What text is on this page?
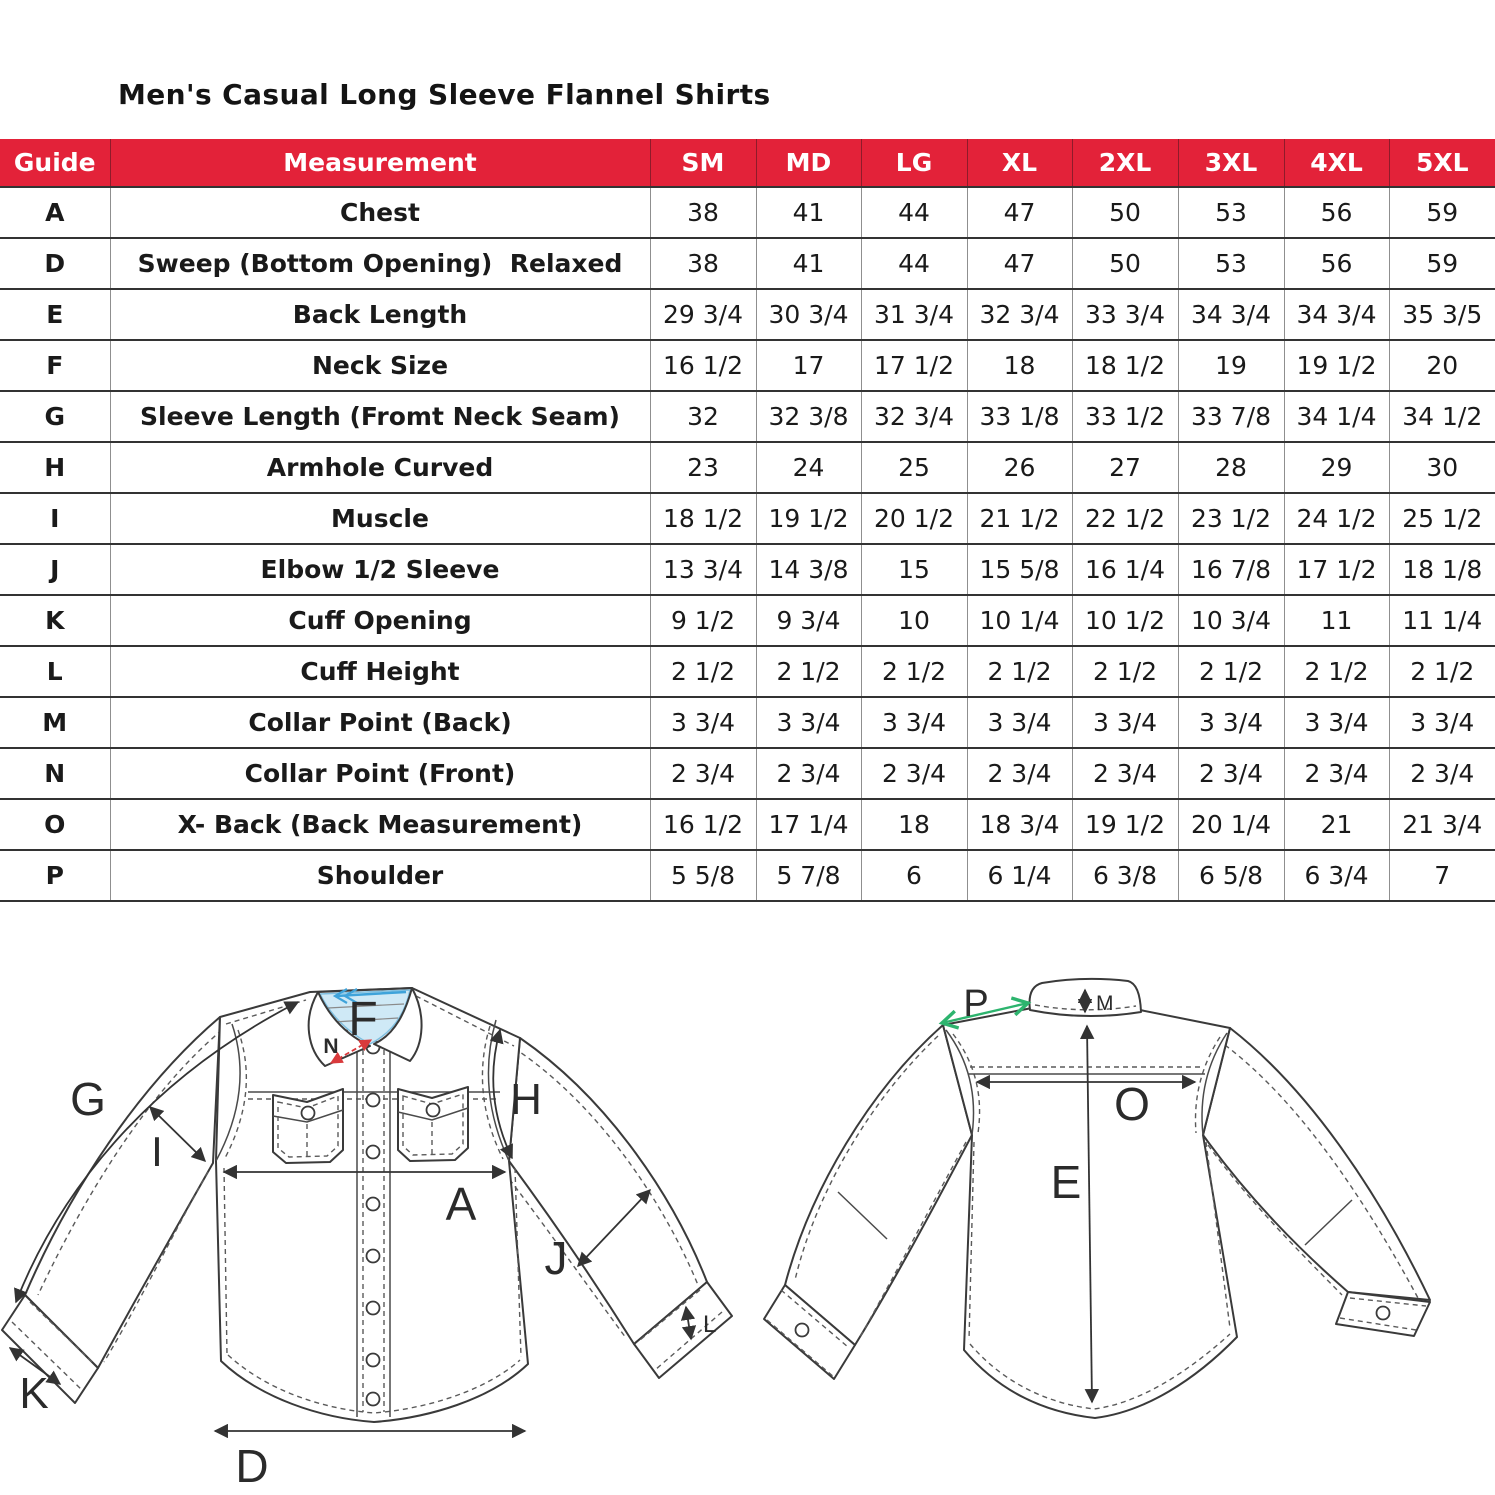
Men's Casual Long Sleeve Flannel Shirts
Guide	Measurement	SM	MD	LG	XL	2XL	3XL	4XL	5XL
A	Chest	38	41	44	47	50	53	56	59
D	Sweep (Bottom Opening)  Relaxed	38	41	44	47	50	53	56	59
E	Back Length	29 3/4	30 3/4	31 3/4	32 3/4	33 3/4	34 3/4	34 3/4	35 3/5
F	Neck Size	16 1/2	17	17 1/2	18	18 1/2	19	19 1/2	20
G	Sleeve Length (Fromt Neck Seam)	32	32 3/8	32 3/4	33 1/8	33 1/2	33 7/8	34 1/4	34 1/2
H	Armhole Curved	23	24	25	26	27	28	29	30
I	Muscle	18 1/2	19 1/2	20 1/2	21 1/2	22 1/2	23 1/2	24 1/2	25 1/2
J	Elbow 1/2 Sleeve	13 3/4	14 3/8	15	15 5/8	16 1/4	16 7/8	17 1/2	18 1/8
K	Cuff Opening	9 1/2	9 3/4	10	10 1/4	10 1/2	10 3/4	11	11 1/4
L	Cuff Height	2 1/2	2 1/2	2 1/2	2 1/2	2 1/2	2 1/2	2 1/2	2 1/2
M	Collar Point (Back)	3 3/4	3 3/4	3 3/4	3 3/4	3 3/4	3 3/4	3 3/4	3 3/4
N	Collar Point (Front)	2 3/4	2 3/4	2 3/4	2 3/4	2 3/4	2 3/4	2 3/4	2 3/4
O	X- Back (Back Measurement)	16 1/2	17 1/4	18	18 3/4	19 1/2	20 1/4	21	21 3/4
P	Shoulder	5 5/8	5 7/8	6	6 1/4	6 3/8	6 5/8	6 3/4	7
F
N
G
I
H
A
J
K
L
D
P	M
O
E
